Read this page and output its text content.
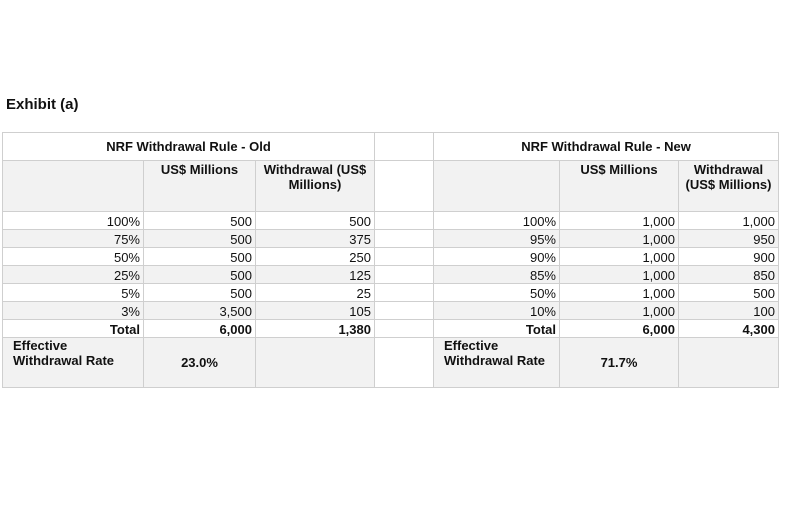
Exhibit (a)
NRF Withdrawal Rule - Old				NRF Withdrawal Rule - New		
	US$ Millions	Withdrawal (US$ Millions)			US$ Millions	Withdrawal (US$ Millions)
100%	500	500		100%	1,000	1,000
75%	500	375		95%	1,000	950
50%	500	250		90%	1,000	900
25%	500	125		85%	1,000	850
5%	500	25		50%	1,000	500
3%	3,500	105		10%	1,000	100
Total	6,000	1,380		Total	6,000	4,300
Effective Withdrawal Rate	23.0%			Effective Withdrawal Rate	71.7%	
